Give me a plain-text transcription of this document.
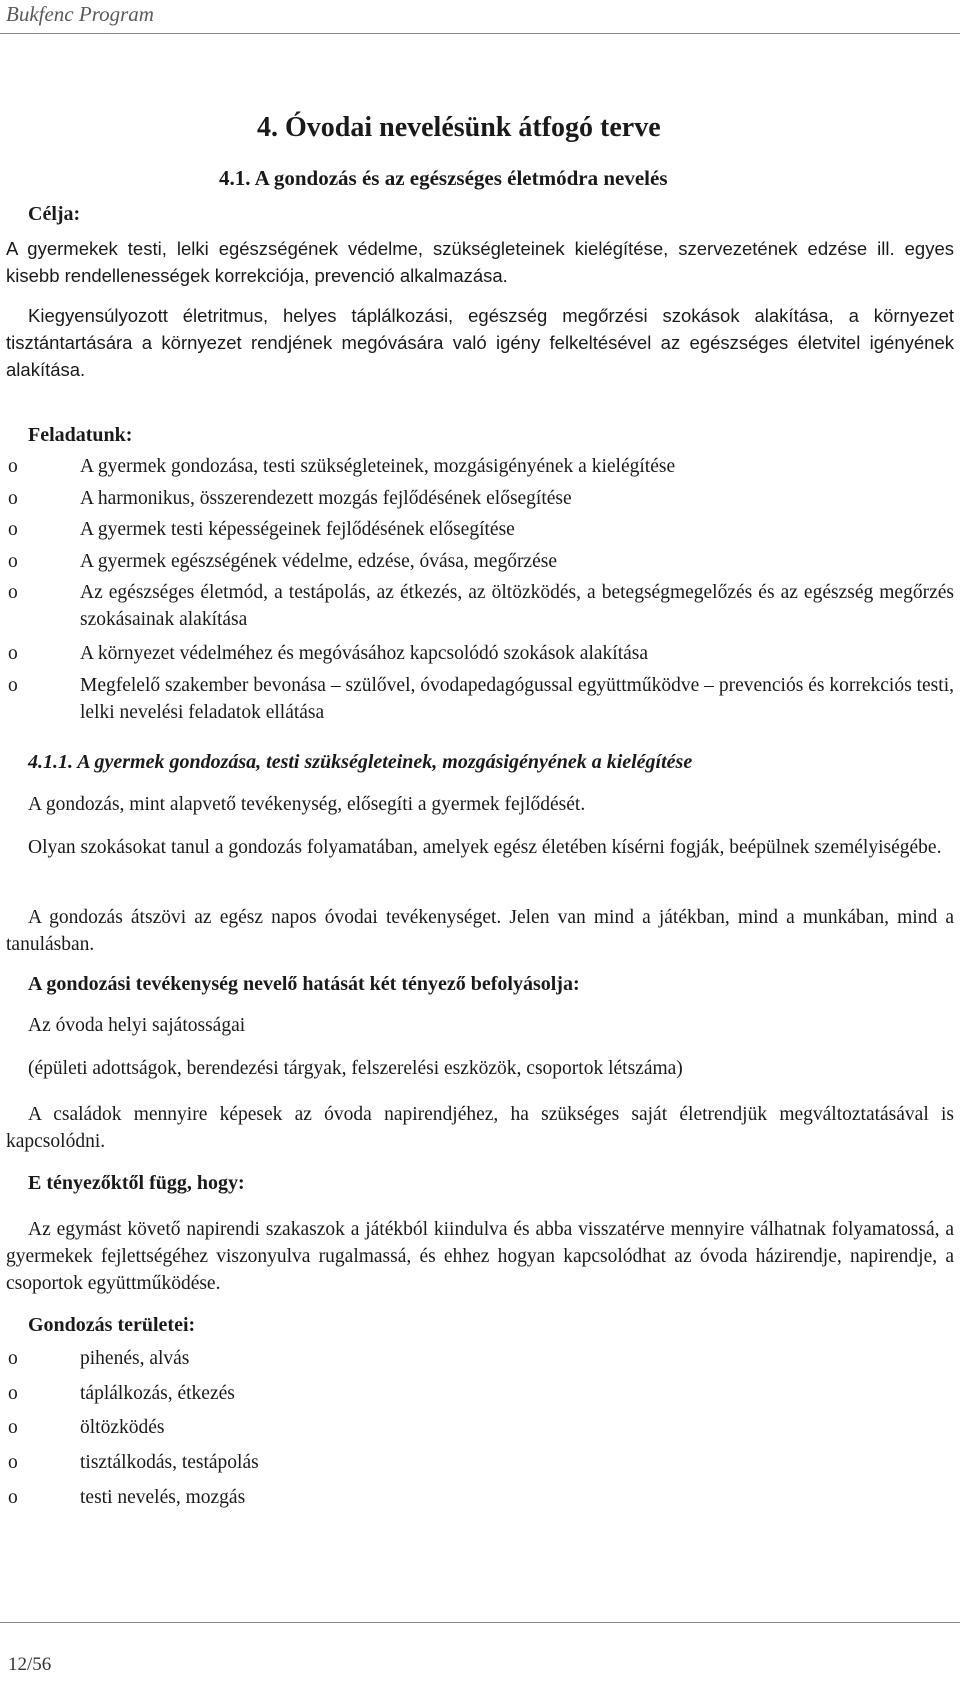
Bukfenc Program
4. Óvodai nevelésünk átfogó terve
4.1. A gondozás és az egészséges életmódra nevelés
Célja:

A gyermekek testi, lelki egészségének védelme, szükségleteinek kielégítése, szervezetének edzése ill. egyes kisebb rendellenességek korrekciója, prevenció alkalmazása.

Kiegyensúlyozott életritmus, helyes táplálkozási, egészség megőrzési szokások alakítása, a környezet tisztántartására a környezet rendjének megóvására való igény felkeltésével az egészséges életvitel igényének alakítása.

Feladatunk:
o	A gyermek gondozása, testi szükségleteinek, mozgásigényének a kielégítése
o	A harmonikus, összerendezett mozgás fejlődésének elősegítése
o	A gyermek testi képességeinek fejlődésének elősegítése
o	A gyermek egészségének védelme, edzése, óvása, megőrzése
o	Az egészséges életmód, a testápolás, az étkezés, az öltözködés, a betegségmegelőzés és az egészség megőrzés szokásainak alakítása
o	A környezet védelméhez és megóvásához kapcsolódó szokások alakítása
o	Megfelelő szakember bevonása – szülővel, óvodapedagógussal együttműködve – prevenciós és korrekciós testi, lelki nevelési feladatok ellátása
4.1.1. A gyermek gondozása, testi szükségleteinek, mozgásigényének a kielégítése

A gondozás, mint alapvető tevékenység, elősegíti a gyermek fejlődését.

Olyan szokásokat tanul a gondozás folyamatában, amelyek egész életében kísérni fogják, beépülnek személyiségébe.

A gondozás átszövi az egész napos óvodai tevékenységet. Jelen van mind a játékban, mind a munkában, mind a tanulásban.

A gondozási tevékenység nevelő hatását két tényező befolyásolja:
Az óvoda helyi sajátosságai
(épületi adottságok, berendezési tárgyak, felszerelési eszközök, csoportok létszáma)

A családok mennyire képesek az óvoda napirendjéhez, ha szükséges saját életrendjük megváltoztatásával is kapcsolódni.

E tényezőktől függ, hogy:

Az egymást követő napirendi szakaszok a játékból kiindulva és abba visszatérve mennyire válhatnak folyamatossá, a gyermekek fejlettségéhez viszonyulva rugalmassá, és ehhez hogyan kapcsolódhat az óvoda házirendje, napirendje, a csoportok együttműködése.

Gondozás területei:
o	pihenés, alvás
o	táplálkozás, étkezés
o	öltözködés
o	tisztálkodás, testápolás
o	testi nevelés, mozgás
12/56
